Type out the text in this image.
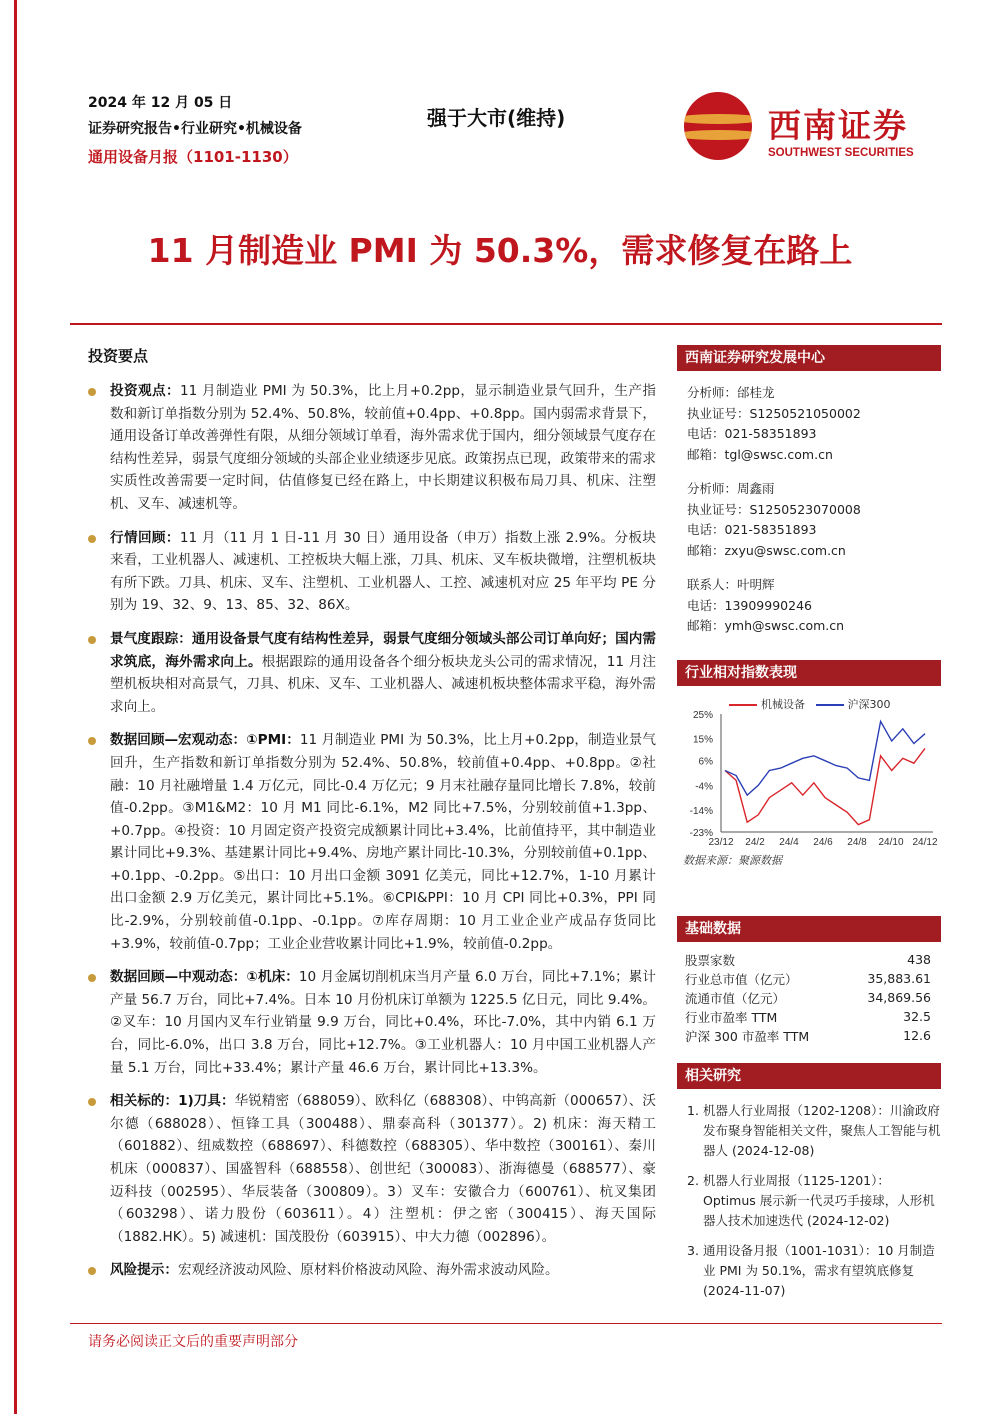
2024 年 12 月 05 日
证券研究报告•行业研究•机械设备
通用设备月报（1101-1130）
强于大市(维持)	西南证券
SOUTHWEST SECURITIES
11 月制造业 PMI 为 50.3%，需求修复在路上
投资要点
投资观点：11 月制造业 PMI 为 50.3%，比上月+0.2pp，显示制造业景气回升，生产指数和新订单指数分别为 52.4%、50.8%，较前值+0.4pp、+0.8pp。国内弱需求背景下，通用设备订单改善弹性有限，从细分领域订单看，海外需求优于国内，细分领域景气度存在结构性差异，弱景气度细分领域的头部企业业绩逐步见底。政策拐点已现，政策带来的需求实质性改善需要一定时间，估值修复已经在路上，中长期建议积极布局刀具、机床、注塑机、叉车、减速机等。
行情回顾：11 月（11 月 1 日-11 月 30 日）通用设备（申万）指数上涨 2.9%。分板块来看，工业机器人、减速机、工控板块大幅上涨，刀具、机床、叉车板块微增，注塑机板块有所下跌。刀具、机床、叉车、注塑机、工业机器人、工控、减速机对应 25 年平均 PE 分别为 19、32、9、13、85、32、86X。
景气度跟踪：通用设备景气度有结构性差异，弱景气度细分领域头部公司订单向好；国内需求筑底，海外需求向上。根据跟踪的通用设备各个细分板块龙头公司的需求情况，11 月注塑机板块相对高景气，刀具、机床、叉车、工业机器人、减速机板块整体需求平稳，海外需求向上。
数据回顾—宏观动态：①PMI：11 月制造业 PMI 为 50.3%，比上月+0.2pp，制造业景气回升，生产指数和新订单指数分别为 52.4%、50.8%，较前值+0.4pp、+0.8pp。②社融：10 月社融增量 1.4 万亿元，同比-0.4 万亿元；9 月末社融存量同比增长 7.8%，较前值-0.2pp。③M1&M2：10 月 M1 同比-6.1%，M2 同比+7.5%，分别较前值+1.3pp、+0.7pp。④投资：10 月固定资产投资完成额累计同比+3.4%，比前值持平，其中制造业累计同比+9.3%、基建累计同比+9.4%、房地产累计同比-10.3%，分别较前值+0.1pp、+0.1pp、-0.2pp。⑤出口：10 月出口金额 3091 亿美元，同比+12.7%，1-10 月累计出口金额 2.9 万亿美元，累计同比+5.1%。⑥CPI&PPI：10 月 CPI 同比+0.3%，PPI 同比-2.9%，分别较前值-0.1pp、-0.1pp。⑦库存周期：10 月工业企业产成品存货同比+3.9%，较前值-0.7pp；工业企业营收累计同比+1.9%，较前值-0.2pp。
数据回顾—中观动态：①机床：10 月金属切削机床当月产量 6.0 万台，同比+7.1%；累计产量 56.7 万台，同比+7.4%。日本 10 月份机床订单额为 1225.5 亿日元，同比 9.4%。②叉车：10 月国内叉车行业销量 9.9 万台，同比+0.4%，环比-7.0%，其中内销 6.1 万台，同比-6.0%，出口 3.8 万台，同比+12.7%。③工业机器人：10 月中国工业机器人产量 5.1 万台，同比+33.4%；累计产量 46.6 万台，累计同比+13.3%。
相关标的：1)刀具：华锐精密（688059）、欧科亿（688308）、中钨高新（000657）、沃尔德（688028）、恒锋工具（300488）、鼎泰高科（301377）。2) 机床：海天精工（601882）、纽威数控（688697）、科德数控（688305）、华中数控（300161）、秦川机床（000837）、国盛智科（688558）、创世纪（300083）、浙海德曼（688577）、豪迈科技（002595）、华辰装备（300809）。3）叉车：安徽合力（600761）、杭叉集团（603298）、诺力股份（603611）。4）注塑机：伊之密（300415）、海天国际（1882.HK）。5) 减速机：国茂股份（603915）、中大力德（002896）。
风险提示：宏观经济波动风险、原材料价格波动风险、海外需求波动风险。
西南证券研究发展中心
分析师：邰桂龙
执业证号：S1250521050002
电话：021-58351893
邮箱：tgl@swsc.com.cn
分析师：周鑫雨
执业证号：S1250523070008
电话：021-58351893
邮箱：zxyu@swsc.com.cn
联系人：叶明辉
电话：13909990246
邮箱：ymh@swsc.com.cn
行业相对指数表现
机械设备	沪深300
25%
15%
6%
-4%
-14%
-23%
23/12 24/2 24/4 24/6 24/8 24/10 24/12
数据来源：聚源数据
基础数据
股票家数	438
行业总市值（亿元）	35,883.61
流通市值（亿元）	34,869.56
行业市盈率 TTM	32.5
沪深 300 市盈率 TTM	12.6
相关研究
1. 机器人行业周报（1202-1208）：川渝政府发布聚身智能相关文件，聚焦人工智能与机器人 (2024-12-08)
2. 机器人行业周报（1125-1201）：Optimus 展示新一代灵巧手接球，人形机器人技术加速迭代 (2024-12-02)
3. 通用设备月报（1001-1031）：10 月制造业 PMI 为 50.1%，需求有望筑底修复 (2024-11-07)
请务必阅读正文后的重要声明部分
